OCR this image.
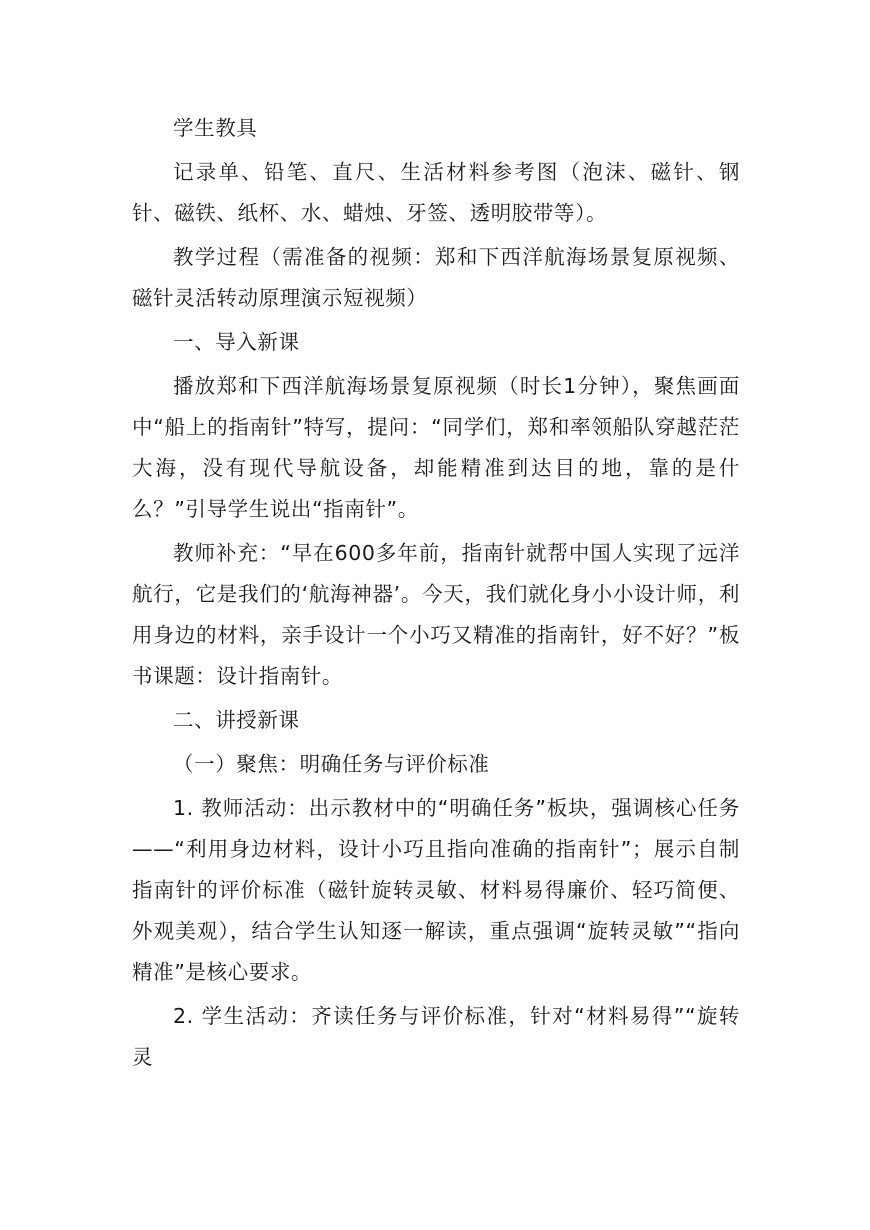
学生教具

记录单、铅笔、直尺、生活材料参考图（泡沫、磁针、钢针、磁铁、纸杯、水、蜡烛、牙签、透明胶带等）。

教学过程（需准备的视频：郑和下西洋航海场景复原视频、磁针灵活转动原理演示短视频）

一、导入新课

播放郑和下西洋航海场景复原视频（时长1分钟），聚焦画面中“船上的指南针”特写，提问：“同学们，郑和率领船队穿越茫茫大海，没有现代导航设备，却能精准到达目的地，靠的是什么？”引导学生说出“指南针”。

教师补充：“早在600多年前，指南针就帮中国人实现了远洋航行，它是我们的‘航海神器’。今天，我们就化身小小设计师，利用身边的材料，亲手设计一个小巧又精准的指南针，好不好？”板书课题：设计指南针。

二、讲授新课

（一）聚焦：明确任务与评价标准

1. 教师活动：出示教材中的“明确任务”板块，强调核心任务——“利用身边材料，设计小巧且指向准确的指南针”；展示自制指南针的评价标准（磁针旋转灵敏、材料易得廉价、轻巧简便、外观美观），结合学生认知逐一解读，重点强调“旋转灵敏”“指向精准”是核心要求。

2. 学生活动：齐读任务与评价标准，针对“材料易得”“旋转灵
